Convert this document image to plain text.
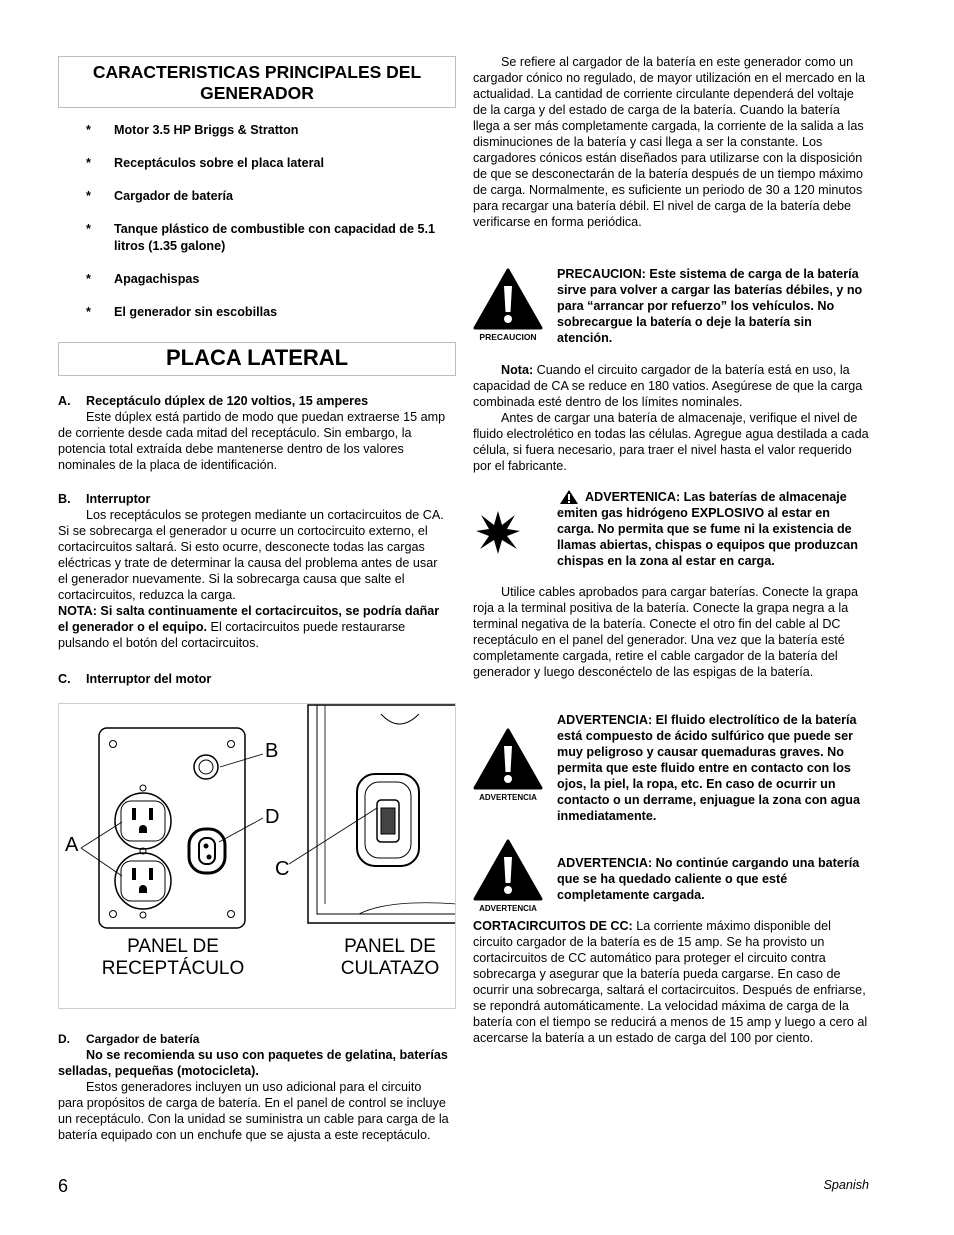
CARACTERISTICAS PRINCIPALES DEL GENERADOR
* Motor 3.5 HP Briggs & Stratton
* Receptáculos sobre el placa lateral
* Cargador de batería
* Tanque plástico de combustible con capacidad de 5.1 litros (1.35 galone)
* Apagachispas
* El generador sin escobillas
PLACA LATERAL

A. Receptáculo dúplex de 120 voltios, 15 amperes

Este dúplex está partido de modo que puedan extraerse 15 amp de corriente desde cada mitad del receptáculo. Sin embargo, la potencia total extraída debe mantenerse dentro de los valores nominales de la placa de identificación.

B. Interruptor

Los receptáculos se protegen mediante un cortacircuitos de CA. Si se sobrecarga el generador u ocurre un cortocircuito externo, el cortacircuitos saltará. Si esto ocurre, desconecte todas las cargas eléctricas y trate de determinar la causa del problema antes de usar el generador nuevamente. Si la sobrecarga causa que salte el cortacircuitos, reduzca la carga.

NOTA: Si salta continuamente el cortacircuitos, se podría dañar el generador o el equipo. El cortacircuitos puede restaurarse pulsando el botón del cortacircuitos.

C. Interruptor del motor

A
B
D
C
PANEL DE
RECEPTÁCULO
PANEL DE
CULATAZO

D. Cargador de batería

No se recomienda su uso con paquetes de gelatina, baterías selladas, pequeñas (motocicleta).

Estos generadores incluyen un uso adicional para el circuito para propósitos de carga de batería. En el panel de control se incluye un receptáculo. Con la unidad se suministra un cable para carga de la batería equipado con un enchufe que se ajusta a este receptáculo.

Se refiere al cargador de la batería en este generador como un cargador cónico no regulado, de mayor utilización en el mercado en la actualidad. La cantidad de corriente circulante dependerá del voltaje de la carga y del estado de carga de la batería. Cuando la batería llega a ser más completamente cargada, la corriente de la salida a las disminuciones de la batería y casi llega a ser la constante. Los cargadores cónicos están diseñados para utilizarse con la disposición de que se desconectarán de la batería después de un tiempo máximo de carga. Normalmente, es suficiente un periodo de 30 a 120 minutos para recargar una batería débil. El nivel de carga de la batería debe verificarse en forma periódica.

PRECAUCION

PRECAUCION: Este sistema de carga de la batería sirve para volver a cargar las baterías débiles, y no para “arrancar por refuerzo” los vehículos. No sobrecargue la batería o deje la batería sin atención.

Nota: Cuando el circuito cargador de la batería está en uso, la capacidad de CA se reduce en 180 vatios. Asegúrese de que la carga combinada esté dentro de los límites nominales.

Antes de cargar una batería de almacenaje, verifique el nivel de fluido electrolético en todas las células. Agregue agua destilada a cada célula, si fuera necesario, para traer el nivel hasta el valor requerido por el fabricante.

ADVERTENICA: Las baterías de almacenaje emiten gas hidrógeno EXPLOSIVO al estar en carga. No permita que se fume ni la existencia de llamas abiertas, chispas o equipos que produzcan chispas en la zona al estar en carga.

Utilice cables aprobados para cargar baterías. Conecte la grapa roja a la terminal positiva de la batería. Conecte la grapa negra a la terminal negativa de la batería. Conecte el otro fin del cable al DC receptáculo en el panel del generador. Una vez que la batería esté completamente cargada, retire el cable cargador de la batería del generador y luego desconéctelo de las espigas de la batería.

ADVERTENCIA

ADVERTENCIA: El fluido electrolítico de la batería está compuesto de ácido sulfúrico que puede ser muy peligroso y causar quemaduras graves. No permita que este fluido entre en contacto con los ojos, la piel, la ropa, etc. En caso de ocurrir un contacto o un derrame, enjuague la zona con agua inmediatamente.

ADVERTENCIA

ADVERTENCIA: No continúe cargando una batería que se ha quedado caliente o que esté completamente cargada.

CORTACIRCUITOS DE CC: La corriente máximo disponible del circuito cargador de la batería es de 15 amp. Se ha provisto un cortacircuitos de CC automático para proteger el circuito contra sobrecarga y asegurar que la batería pueda cargarse. En caso de ocurrir una sobrecarga, saltará el cortacircuitos. Después de enfriarse, se repondrá automáticamente. La velocidad máxima de carga de la batería con el tiempo se reducirá a menos de 15 amp y luego a cero al acercarse la batería a un estado de carga del 100 por ciento.

6	Spanish
